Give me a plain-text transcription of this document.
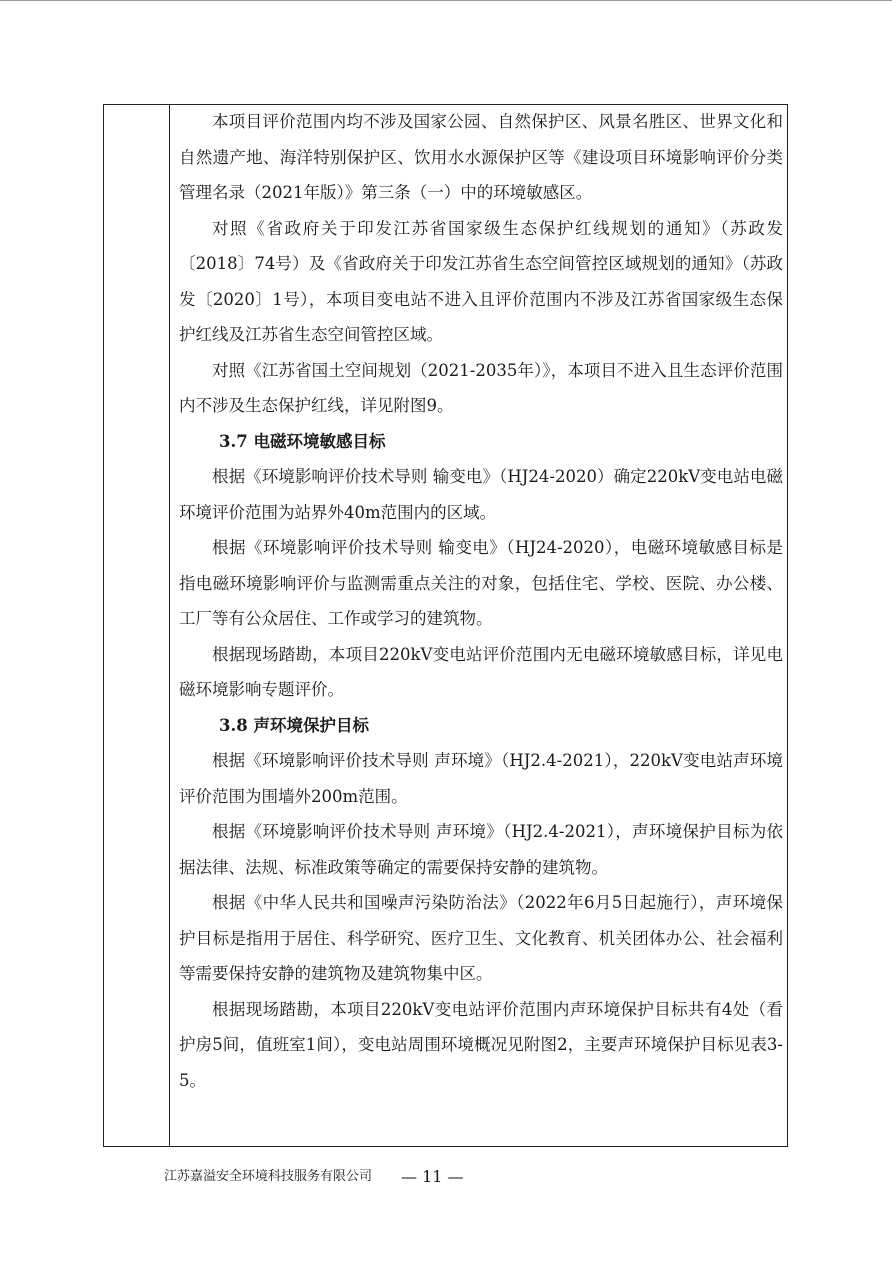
本项目评价范围内均不涉及国家公园、自然保护区、风景名胜区、世界文化和自然遗产地、海洋特别保护区、饮用水水源保护区等《建设项目环境影响评价分类管理名录（2021年版）》第三条（一）中的环境敏感区。

对照《省政府关于印发江苏省国家级生态保护红线规划的通知》（苏政发〔2018〕74号）及《省政府关于印发江苏省生态空间管控区域规划的通知》（苏政发〔2020〕1号），本项目变电站不进入且评价范围内不涉及江苏省国家级生态保护红线及江苏省生态空间管控区域。

对照《江苏省国土空间规划（2021-2035年）》，本项目不进入且生态评价范围内不涉及生态保护红线，详见附图9。

3.7 电磁环境敏感目标

根据《环境影响评价技术导则 输变电》（HJ24-2020）确定220kV变电站电磁环境评价范围为站界外40m范围内的区域。

根据《环境影响评价技术导则 输变电》（HJ24-2020），电磁环境敏感目标是指电磁环境影响评价与监测需重点关注的对象，包括住宅、学校、医院、办公楼、工厂等有公众居住、工作或学习的建筑物。

根据现场踏勘，本项目220kV变电站评价范围内无电磁环境敏感目标，详见电磁环境影响专题评价。

3.8 声环境保护目标

根据《环境影响评价技术导则 声环境》（HJ2.4-2021），220kV变电站声环境评价范围为围墙外200m范围。

根据《环境影响评价技术导则 声环境》（HJ2.4-2021），声环境保护目标为依据法律、法规、标准政策等确定的需要保持安静的建筑物。

根据《中华人民共和国噪声污染防治法》（2022年6月5日起施行），声环境保护目标是指用于居住、科学研究、医疗卫生、文化教育、机关团体办公、社会福利等需要保持安静的建筑物及建筑物集中区。

根据现场踏勘，本项目220kV变电站评价范围内声环境保护目标共有4处（看护房5间，值班室1间），变电站周围环境概况见附图2，主要声环境保护目标见表3-5。

江苏嘉溢安全环境科技服务有限公司 — 11 —
